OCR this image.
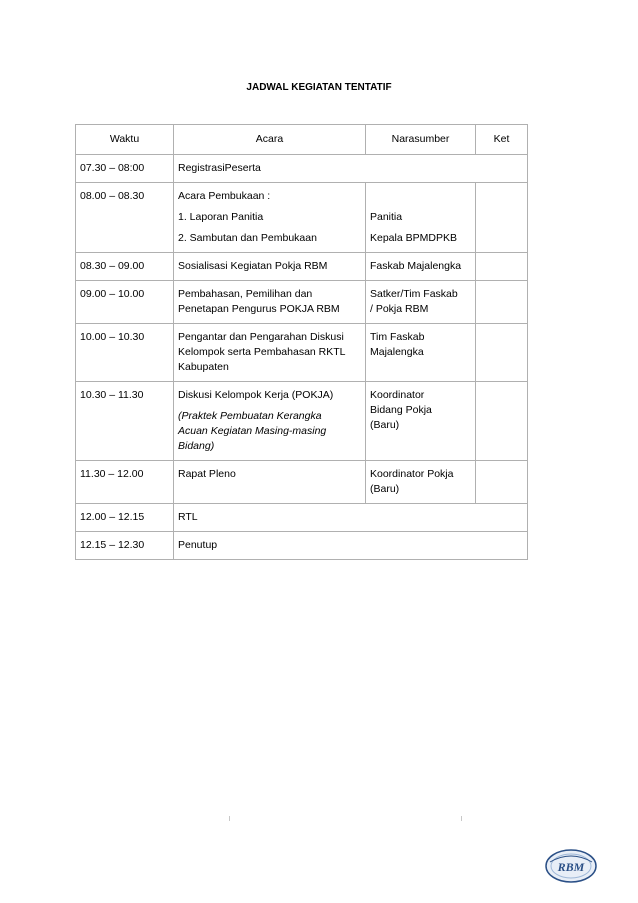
JADWAL KEGIATAN TENTATIF
Waktu	Acara	Narasumber	Ket
07.30 – 08:00	RegistrasiPeserta		

08.00 – 08.30	Acara Pembukaan :
1. Laporan Panitia
2. Sambutan dan Pembukaan	Panitia
Kepala BPMDPKB	

08.30 – 09.00	Sosialisasi Kegiatan Pokja RBM	Faskab Majalengka	

09.00 – 10.00	Pembahasan, Pemilihan dan
Penetapan Pengurus POKJA RBM	Satker/Tim Faskab
/ Pokja RBM	

10.00 – 10.30	Pengantar dan Pengarahan Diskusi
Kelompok serta Pembahasan RKTL
Kabupaten	Tim Faskab
Majalengka	

10.30 – 11.30	Diskusi Kelompok Kerja (POKJA)
(Praktek Pembuatan Kerangka
Acuan Kegiatan Masing-masing
Bidang)	Koordinator
Bidang Pokja
(Baru)	

11.30 – 12.00	Rapat Pleno	Koordinator Pokja
(Baru)	

12.00 – 12.15	RTL		

12.15 – 12.30	Penutup		
RBM
